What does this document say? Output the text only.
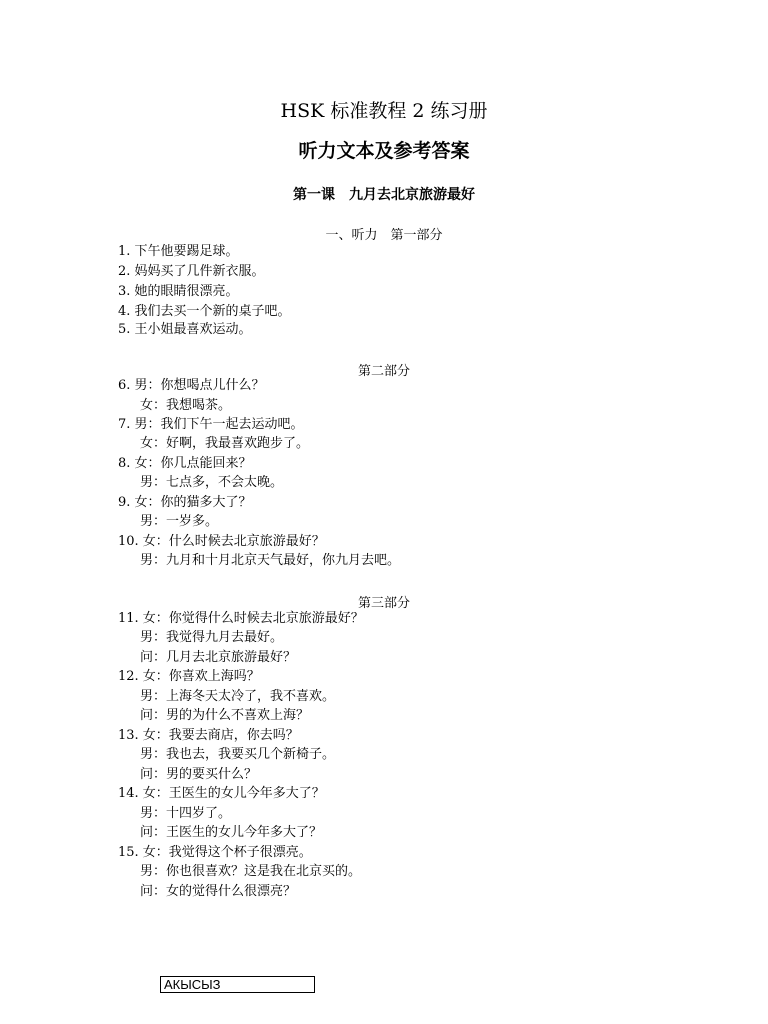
HSK 标准教程 2 练习册
听力文本及参考答案
第一课　九月去北京旅游最好
一、听力　第一部分
1. 下午他要踢足球。
2. 妈妈买了几件新衣服。
3. 她的眼睛很漂亮。
4. 我们去买一个新的桌子吧。
5. 王小姐最喜欢运动。
第二部分
6. 男：你想喝点儿什么？
女：我想喝茶。
7. 男：我们下午一起去运动吧。
女：好啊，我最喜欢跑步了。
8. 女：你几点能回来？
男：七点多，不会太晚。
9. 女：你的猫多大了？
男：一岁多。
10. 女：什么时候去北京旅游最好？
男：九月和十月北京天气最好，你九月去吧。
第三部分
11. 女：你觉得什么时候去北京旅游最好？
男：我觉得九月去最好。
问：几月去北京旅游最好？
12. 女：你喜欢上海吗？
男：上海冬天太冷了，我不喜欢。
问：男的为什么不喜欢上海？
13. 女：我要去商店，你去吗？
男：我也去，我要买几个新椅子。
问：男的要买什么？
14. 女：王医生的女儿今年多大了？
男：十四岁了。
问：王医生的女儿今年多大了？
15. 女：我觉得这个杯子很漂亮。
男：你也很喜欢？这是我在北京买的。
问：女的觉得什么很漂亮？
АКЫСЫЗ
